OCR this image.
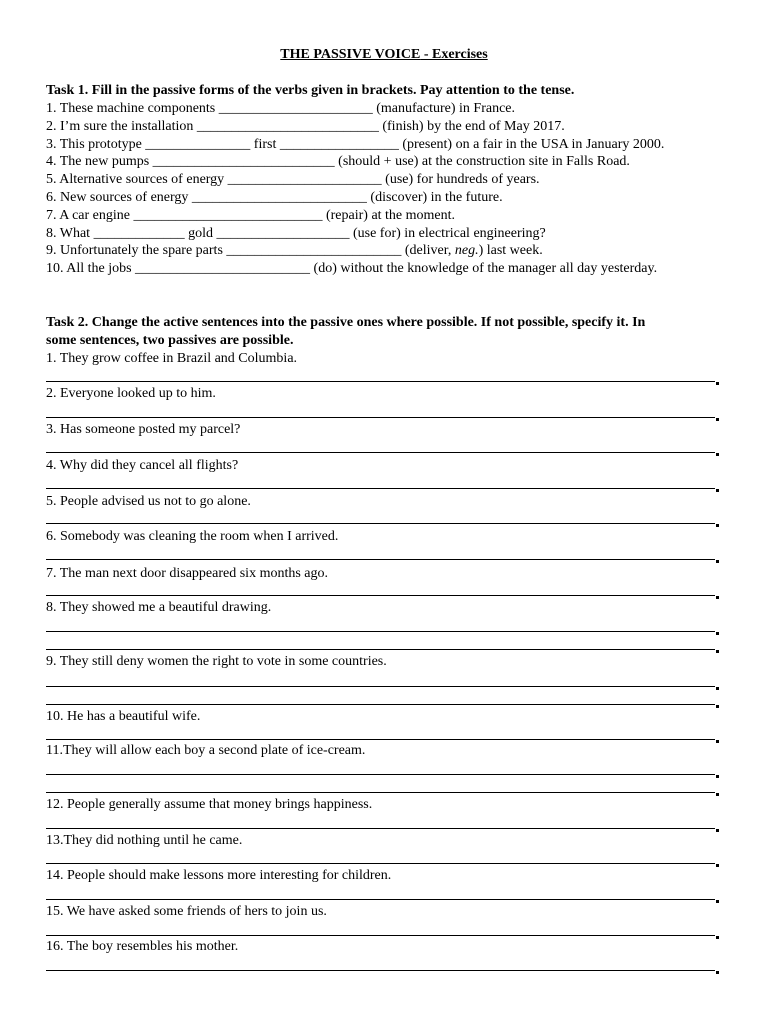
THE PASSIVE VOICE - Exercises
Task 1. Fill in the passive forms of the verbs given in brackets. Pay attention to the tense.
1. These machine components ______________________ (manufacture) in France.
2. I’m sure the installation __________________________ (finish) by the end of May 2017.
3. This prototype _______________ first _________________ (present) on a fair in the USA in January 2000.
4. The new pumps __________________________ (should + use) at the construction site in Falls Road.
5. Alternative sources of energy ______________________ (use) for hundreds of years.
6. New sources of energy _________________________ (discover) in the future.
7. A car engine ___________________________ (repair) at the moment.
8. What _____________ gold ___________________ (use for) in electrical engineering?
9. Unfortunately the spare parts _________________________ (deliver, neg.) last week.
10. All the jobs _________________________ (do) without the knowledge of the manager all day yesterday.
Task 2. Change the active sentences into the passive ones where possible. If not possible, specify it. In
some sentences, two passives are possible.
1. They grow coffee in Brazil and Columbia.
2. Everyone looked up to him.
3. Has someone posted my parcel?
4. Why did they cancel all flights?
5. People advised us not to go alone.
6. Somebody was cleaning the room when I arrived.
7. The man next door disappeared six months ago.
8. They showed me a beautiful drawing.
9. They still deny women the right to vote in some countries.
10. He has a beautiful wife.
11.They will allow each boy a second plate of ice-cream.
12. People generally assume that money brings happiness.
13.They did nothing until he came.
14. People should make lessons more interesting for children.
15. We have asked some friends of hers to join us.
16. The boy resembles his mother.
